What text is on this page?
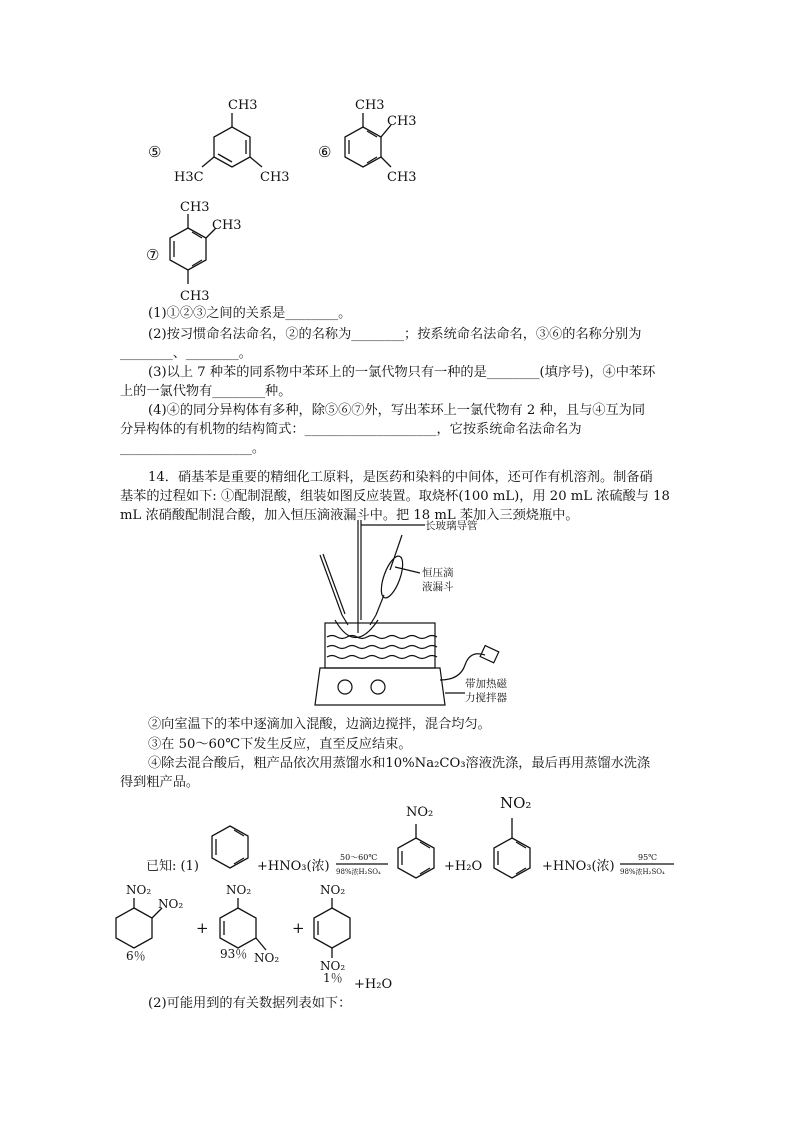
⑤
CH3
H3C	CH3
⑥
CH3
CH3
CH3
⑦
CH3
CH3
CH3
(1)①②③之间的关系是________。
(2)按习惯命名法命名，②的名称为________；按系统命名法命名，③⑥的名称分别为
________、________。
(3)以上 7 种苯的同系物中苯环上的一氯代物只有一种的是________(填序号)，④中苯环
上的一氯代物有________种。
(4)④的同分异构体有多种，除⑤⑥⑦外，写出苯环上一氯代物有 2 种，且与④互为同
分异构体的有机物的结构简式：____________________，它按系统命名法命名为
____________________。
14．硝基苯是重要的精细化工原料，是医药和染料的中间体，还可作有机溶剂。制备硝
基苯的过程如下: ①配制混酸，组装如图反应装置。取烧杯(100 mL)，用 20 mL 浓硫酸与 18
mL 浓硝酸配制混合酸，加入恒压滴液漏斗中。把 18 mL 苯加入三颈烧瓶中。
长玻璃导管
恒压滴
液漏斗
带加热磁
力搅拌器
②向室温下的苯中逐滴加入混酸，边滴边搅拌，混合均匀。
③在 50～60℃下发生反应，直至反应结束。
④除去混合酸后，粗产品依次用蒸馏水和10%Na₂CO₃溶液洗涤，最后再用蒸馏水洗涤
得到粗产品。
已知: (1)	+HNO₃(浓)
50～60℃
98%浓H₂SO₄
NO₂
+H₂O
NO₂
+HNO₃(浓)
95℃
98%浓H₂SO₄
NO₂
NO₂
6％
+
NO₂
NO₂
93％
+
NO₂
NO₂
1％ +H₂O
(2)可能用到的有关数据列表如下：
